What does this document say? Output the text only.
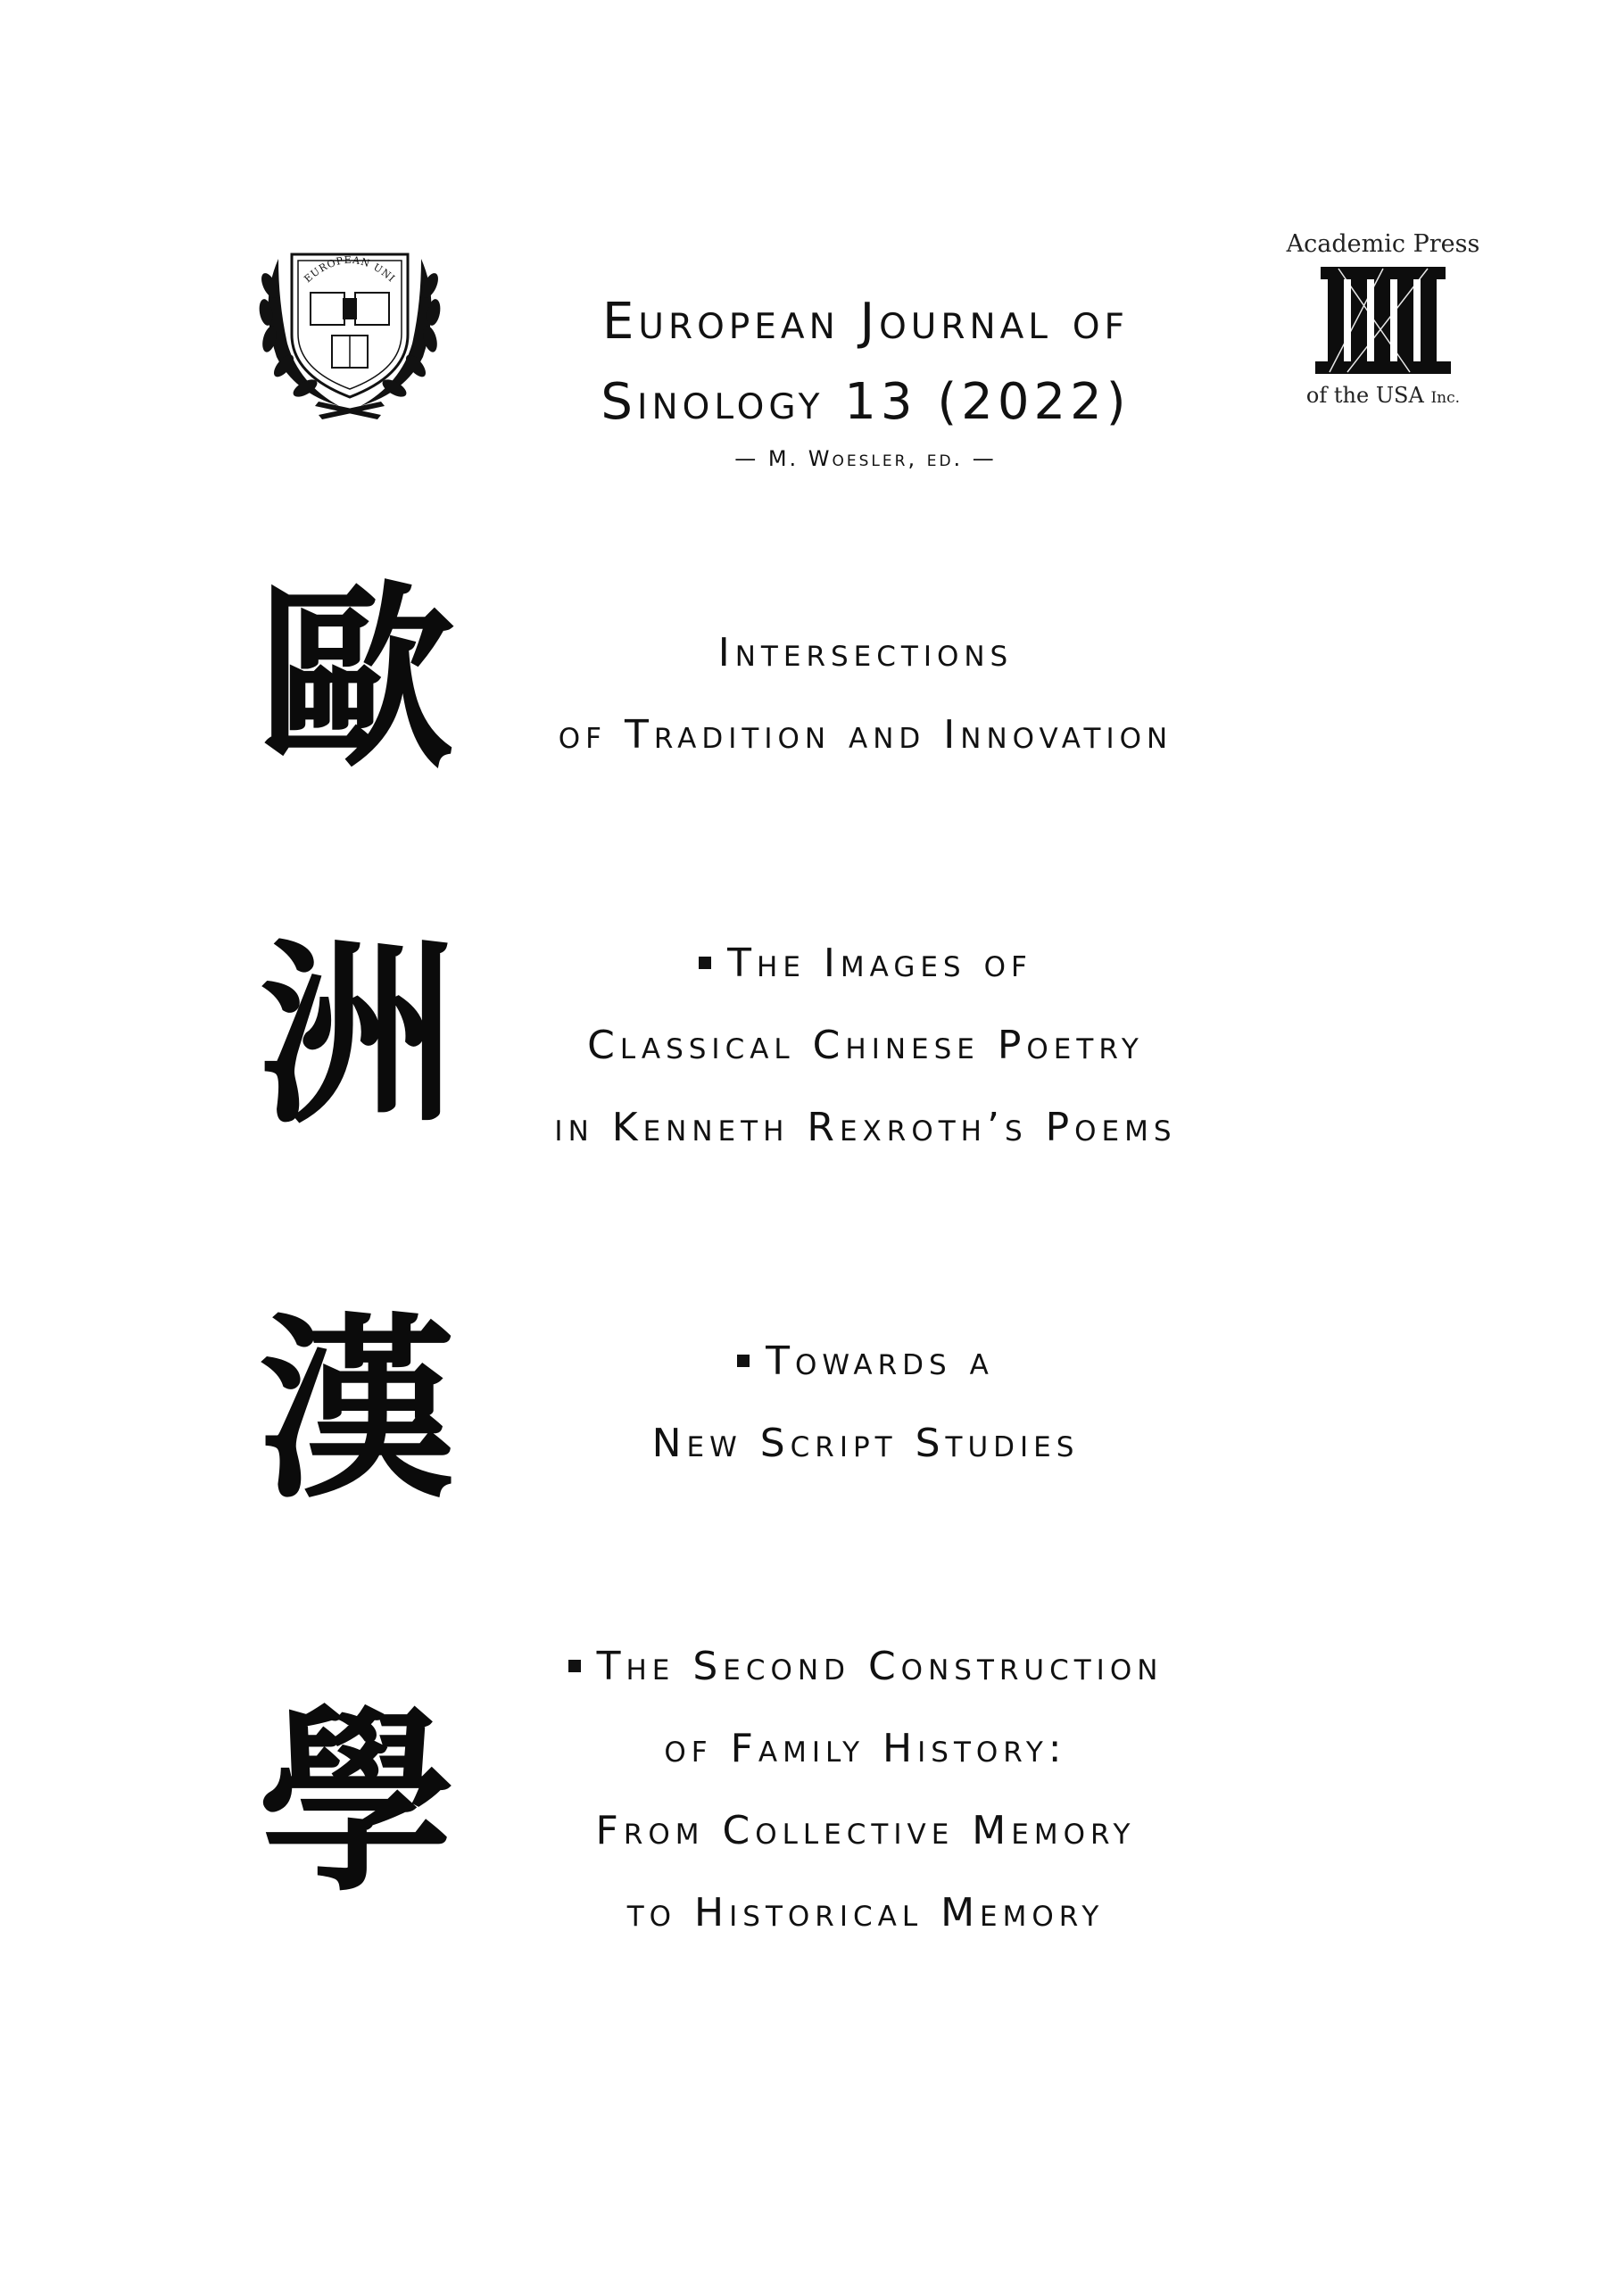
EUROPEAN UNI
Academic Press
of the USA Inc.
European Journal of
Sinology 13 (2022)
— M. Woesler, ed. —
歐
洲
漢
學
Intersections
of Tradition and Innovation
The Images of
Classical Chinese Poetry
in Kenneth Rexroth’s Poems
Towards a
New Script Studies
The Second Construction
of Family History:
From Collective Memory
to Historical Memory
